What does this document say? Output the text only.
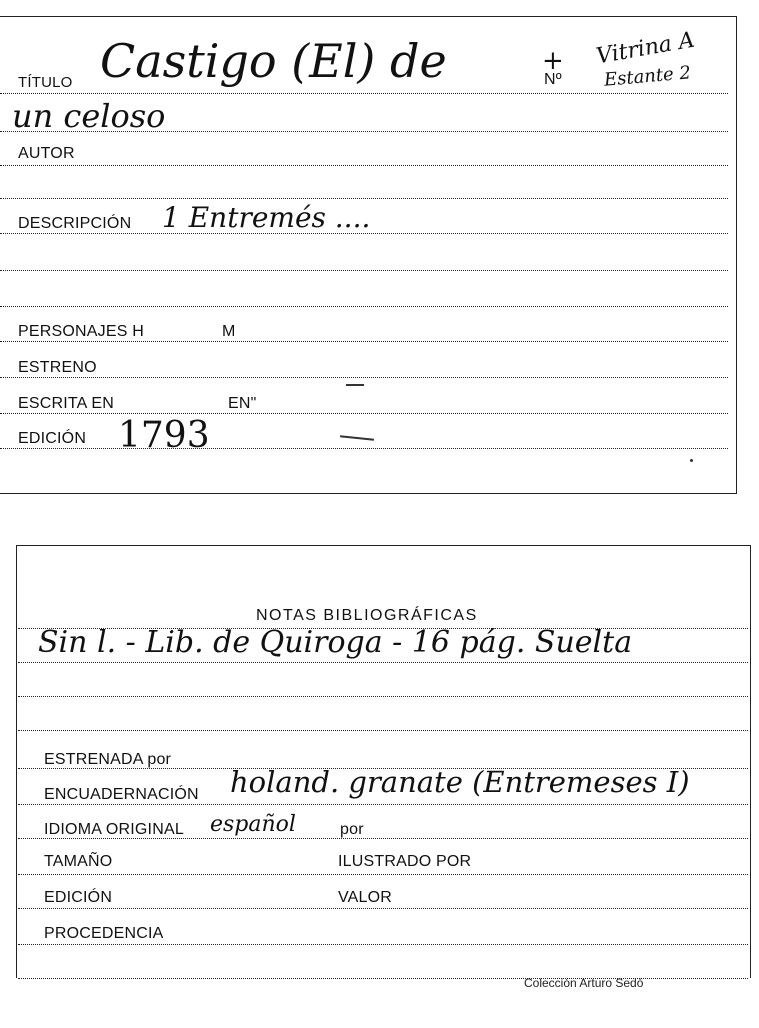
TÍTULO Castigo (El) de	Nº
+ Vitrina A
Estante 2
un celoso
AUTOR
DESCRIPCIÓN 1 Entremés ....
PERSONAJES H	M
ESTRENO
ESCRITA EN	EN"
EDICIÓN 1793
NOTAS BIBLIOGRÁFICAS
Sin l. - Lib. de Quiroga - 16 pág. Suelta
ESTRENADA por
ENCUADERNACIÓN holand. granate (Entremeses I)
IDIOMA ORIGINAL español	por
TAMAÑO	ILUSTRADO POR
EDICIÓN	VALOR
PROCEDENCIA
Colección Arturo Sedó
